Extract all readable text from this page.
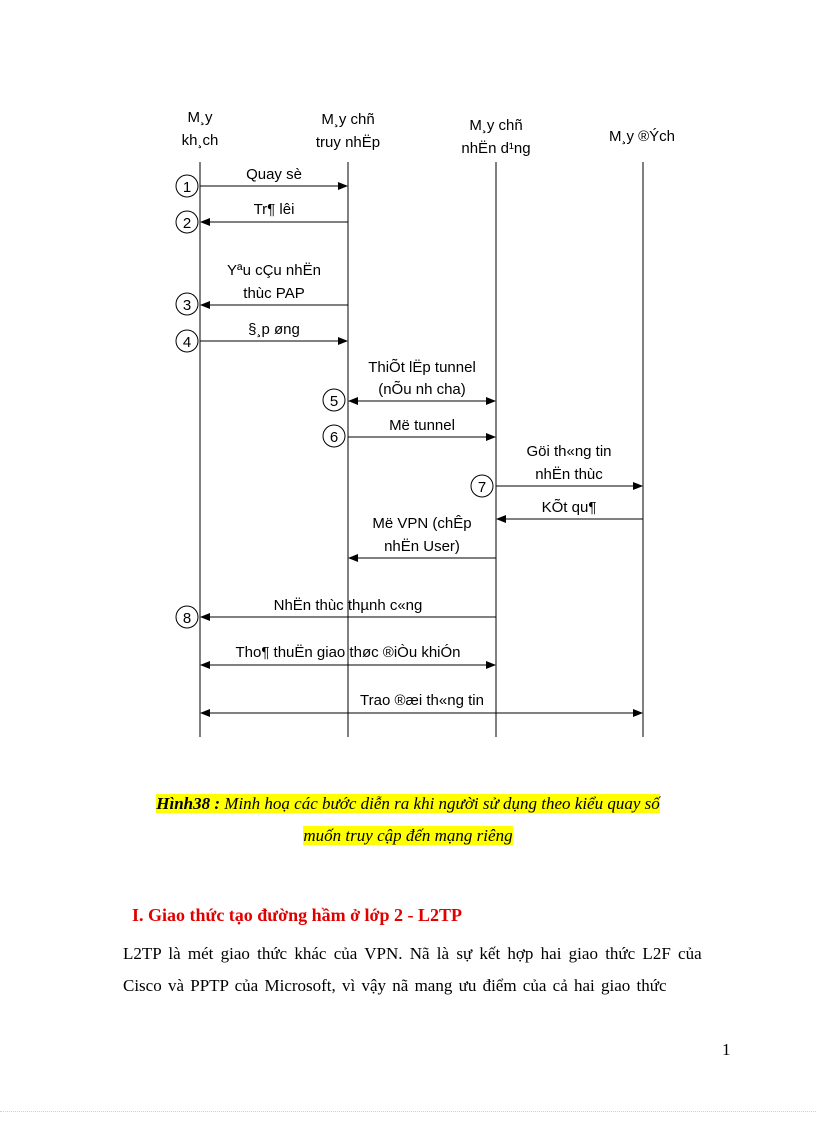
M¸y
kh¸ch
M¸y chñ
truy nhËp
M¸y chñ
nhËn d¹ng
M¸y ®Ých
Quay sè
1
Tr¶ lêi
2
Yªu cÇu nhËn
thùc PAP
3
§¸p øng
4
ThiÕt lËp tunnel
(nÕu nh cha)
5
Më tunnel
6
Göi th«ng tin
nhËn thùc
7
KÕt qu¶
Më VPN (chÊp
nhËn User)
NhËn thùc thµnh c«ng
8
Tho¶ thuËn giao thøc ®iÒu khiÓn
Trao ®æi th«ng tin
Hình38 : Minh hoạ các bước diễn ra khi người sử dụng theo kiểu quay số
muốn truy cập đến mạng riêng
I. Giao thức tạo đường hầm ở lớp 2 - L2TP
L2TP là mét giao thức khác của VPN. Nã là sự kết hợp hai giao thức L2F của
Cisco và PPTP của Microsoft, vì vậy nã mang ưu điểm của cả hai giao thức
1
